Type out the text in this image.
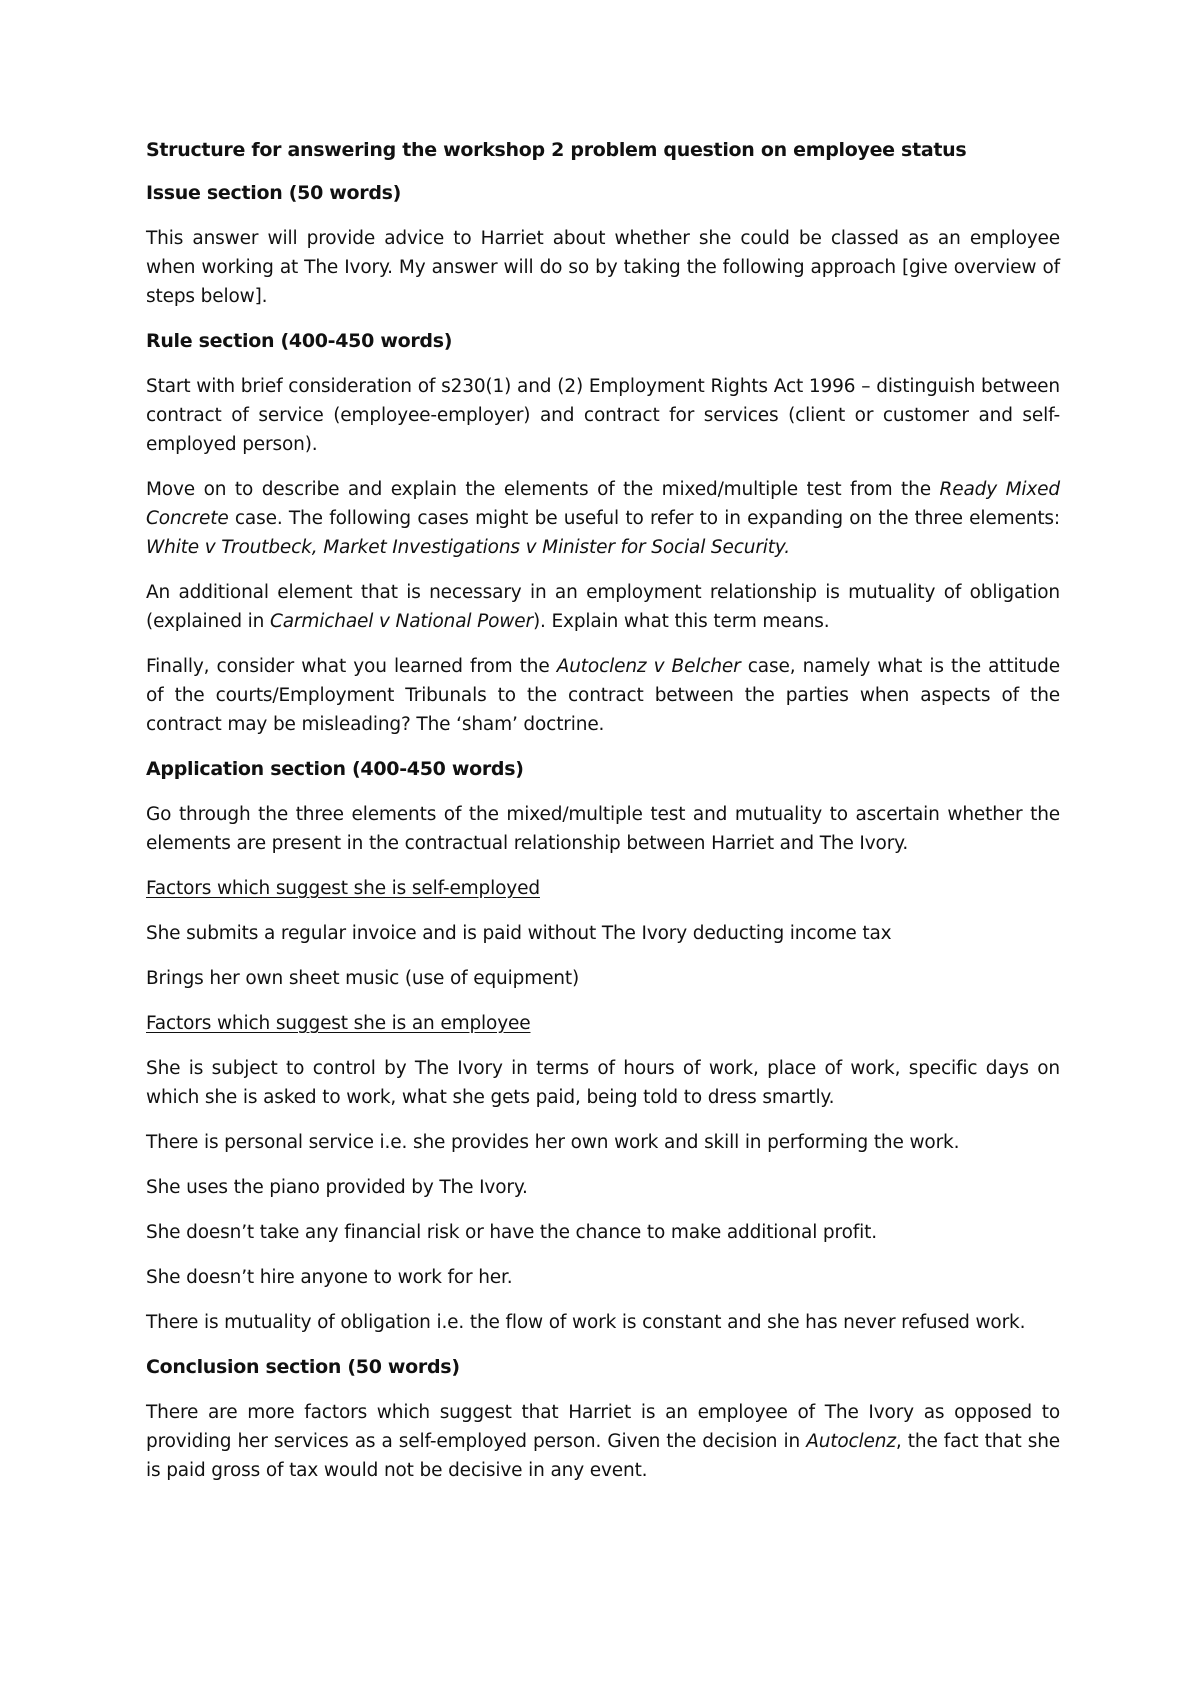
Structure for answering the workshop 2 problem question on employee status
Issue section (50 words)

This answer will provide advice to Harriet about whether she could be classed as an employee when working at The Ivory. My answer will do so by taking the following approach [give overview of steps below].

Rule section (400-450 words)

Start with brief consideration of s230(1) and (2) Employment Rights Act 1996 – distinguish between contract of service (employee-employer) and contract for services (client or customer and self-employed person).

Move on to describe and explain the elements of the mixed/multiple test from the Ready Mixed Concrete case. The following cases might be useful to refer to in expanding on the three elements: White v Troutbeck, Market Investigations v Minister for Social Security.

An additional element that is necessary in an employment relationship is mutuality of obligation (explained in Carmichael v National Power). Explain what this term means.

Finally, consider what you learned from the Autoclenz v Belcher case, namely what is the attitude of the courts/Employment Tribunals to the contract between the parties when aspects of the contract may be misleading? The ‘sham’ doctrine.

Application section (400-450 words)

Go through the three elements of the mixed/multiple test and mutuality to ascertain whether the elements are present in the contractual relationship between Harriet and The Ivory.

Factors which suggest she is self-employed

She submits a regular invoice and is paid without The Ivory deducting income tax

Brings her own sheet music (use of equipment)

Factors which suggest she is an employee

She is subject to control by The Ivory in terms of hours of work, place of work, specific days on which she is asked to work, what she gets paid, being told to dress smartly.

There is personal service i.e. she provides her own work and skill in performing the work.

She uses the piano provided by The Ivory.

She doesn’t take any financial risk or have the chance to make additional profit.

She doesn’t hire anyone to work for her.

There is mutuality of obligation i.e. the flow of work is constant and she has never refused work.

Conclusion section (50 words)

There are more factors which suggest that Harriet is an employee of The Ivory as opposed to providing her services as a self-employed person. Given the decision in Autoclenz, the fact that she is paid gross of tax would not be decisive in any event.
